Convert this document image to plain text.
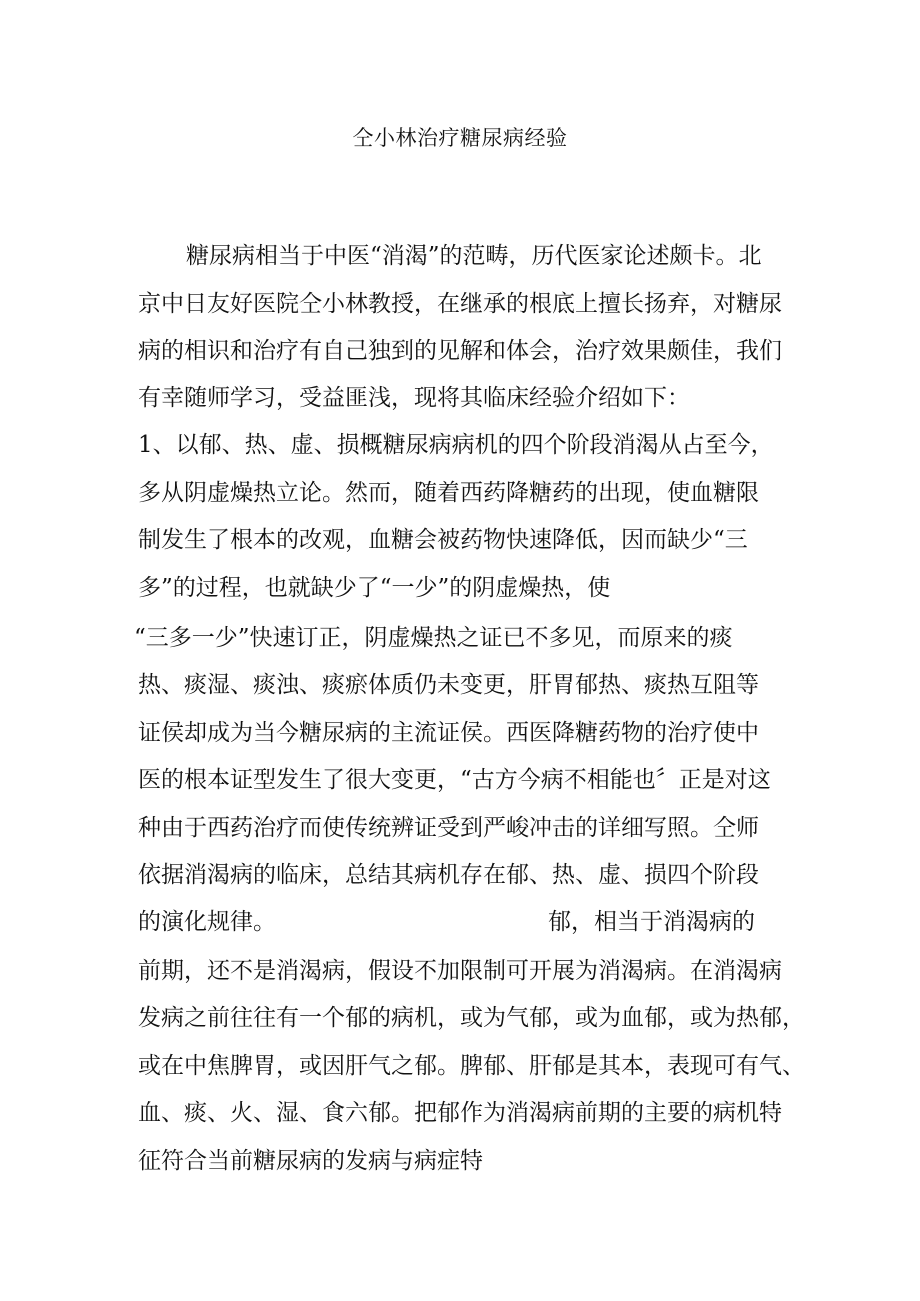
仝小林治疗糖尿病经验
糖尿病相当于中医“消渴”的范畴，历代医家论述颇卡。北
京中日友好医院仝小林教授，在继承的根底上擅长扬弃，对糖尿
病的相识和治疗有自己独到的见解和体会，治疗效果颇佳，我们
有幸随师学习，受益匪浅，现将其临床经验介绍如下：
1、以郁、热、虚、损概糖尿病病机的四个阶段消渴从占至今，
多从阴虚燥热立论。然而，随着西药降糖药的出现，使血糖限
制发生了根本的改观，血糖会被药物快速降低，因而缺少“三
多”的过程，也就缺少了“一少”的阴虚燥热，使
“三多一少”快速订正，阴虚燥热之证已不多见，而原来的痰
热、痰湿、痰浊、痰瘀体质仍未变更，肝胃郁热、痰热互阻等
证侯却成为当今糖尿病的主流证侯。西医降糖药物的治疗使中
医的根本证型发生了很大变更，“古方今病不相能也〞正是对这
种由于西药治疗而使传统辨证受到严峻冲击的详细写照。仝师
依据消渴病的临床，总结其病机存在郁、热、虚、损四个阶段
的演化规律。	郁，相当于消渴病的
前期，还不是消渴病，假设不加限制可开展为消渴病。在消渴病
发病之前往往有一个郁的病机，或为气郁，或为血郁，或为热郁，
或在中焦脾胃，或因肝气之郁。脾郁、肝郁是其本，表现可有气、
血、痰、火、湿、食六郁。把郁作为消渴病前期的主要的病机特
征符合当前糖尿病的发病与病症特
